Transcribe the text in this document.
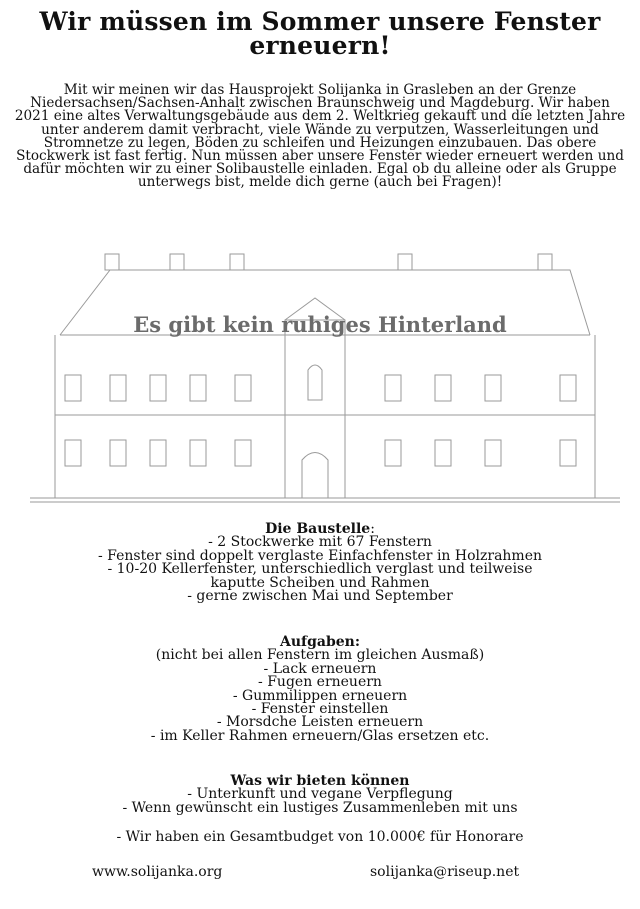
Wir müssen im Sommer unsere Fenster erneuern!
Mit wir meinen wir das Hausprojekt Solijanka in Grasleben an der Grenze Niedersachsen/Sachsen-Anhalt zwischen Braunschweig und Magdeburg. Wir haben 2021 eine altes Verwaltungsgebäude aus dem 2. Weltkrieg gekauft und die letzten Jahre unter anderem damit verbracht, viele Wände zu verputzen, Wasserleitungen und Stromnetze zu legen, Böden zu schleifen und Heizungen einzubauen. Das obere Stockwerk ist fast fertig. Nun müssen aber unsere Fenster wieder erneuert werden und dafür möchten wir zu einer Solibaustelle einladen. Egal ob du alleine oder als Gruppe unterwegs bist, melde dich gerne (auch bei Fragen)!
Es gibt kein ruhiges Hinterland
Die Baustelle:
- 2 Stockwerke mit 67 Fenstern
- Fenster sind doppelt verglaste Einfachfenster in Holzrahmen
- 10-20 Kellerfenster, unterschiedlich verglast und teilweise
kaputte Scheiben und Rahmen
- gerne zwischen Mai und September
Aufgaben:
(nicht bei allen Fenstern im gleichen Ausmaß)
- Lack erneuern
- Fugen erneuern
- Gummilippen erneuern
- Fenster einstellen
- Morsdche Leisten erneuern
- im Keller Rahmen erneuern/Glas ersetzen etc.
Was wir bieten können
- Unterkunft und vegane Verpflegung
- Wenn gewünscht ein lustiges Zusammenleben mit uns
- Wir haben ein Gesamtbudget von 10.000€ für Honorare
www.solijanka.org	solijanka@riseup.net
